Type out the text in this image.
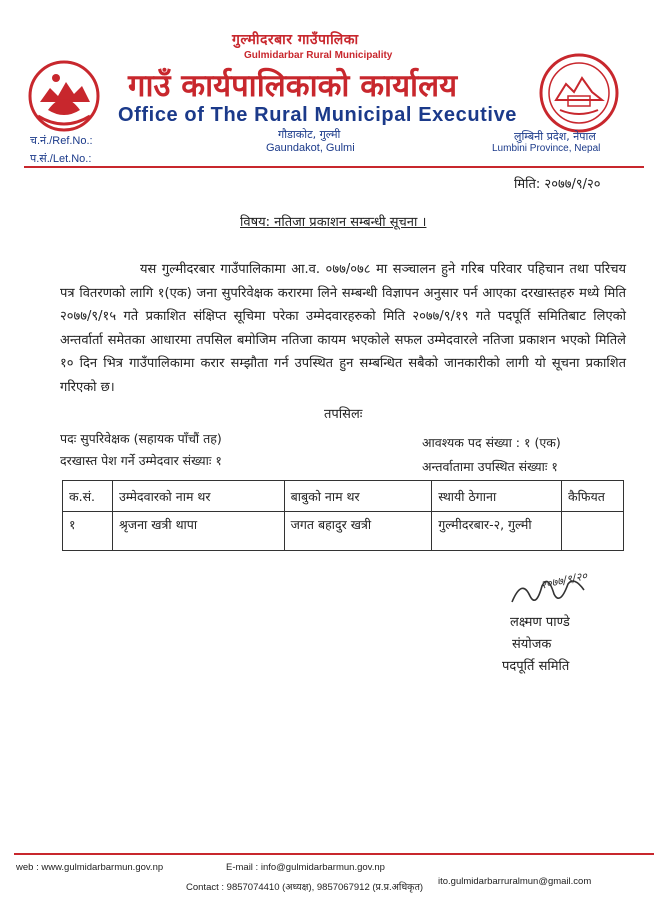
गुल्मीदरबार गाउँपालिका
Gulmidarbar Rural Municipality
गाउँ कार्यपालिकाको कार्यालय
Office of The Rural Municipal Executive
गौडाकोट, गुल्मी
Gaundakot, Gulmi
लुम्बिनी प्रदेश, नेपाल
Lumbini Province, Nepal
च.नं./Ref.No.:
प.सं./Let.No.:
मिति: २०७७/९/२०
विषय: नतिजा प्रकाशन सम्बन्धी सूचना ।
यस गुल्मीदरबार गाउँपालिकामा आ.व. ०७७/०७८ मा सञ्चालन हुने गरिब परिवार पहिचान तथा परिचय पत्र वितरणको लागि १(एक) जना सुपरिवेक्षक करारमा लिने सम्बन्धी विज्ञापन अनुसार पर्न आएका दरखास्तहरु मध्ये मिति २०७७/९/१५ गते प्रकाशित संक्षिप्त सूचिमा परेका उम्मेदवारहरुको मिति २०७७/९/१९ गते पदपूर्ति समितिबाट लिएको अन्तर्वार्ता समेतका आधारमा तपसिल बमोजिम नतिजा कायम भएकोले सफल उम्मेदवारले नतिजा प्रकाशन भएको मितिले १० दिन भित्र गाउँपालिकामा करार सम्झौता गर्न उपस्थित हुन सम्बन्धित सबैको जानकारीको लागी यो सूचना प्रकाशित गरिएको छ।
तपसिलः
पदः सुपरिवेक्षक (सहायक पाँचौं तह)	आवश्यक पद संख्या : १ (एक)
दरखास्त पेश गर्ने उम्मेदवार संख्याः १	अन्तर्वातामा उपस्थित संख्याः १
क.सं.	उम्मेदवारको नाम थर	बाबुको नाम थर	स्थायी ठेगाना	कैफियत
१	श्रृजना खत्री थापा	जगत बहादुर खत्री	गुल्मीदरबार-२, गुल्मी	
२०७७/९/२०
लक्ष्मण पाण्डे
संयोजक
पदपूर्ति समिति
web : www.gulmidarbarmun.gov.np	E-mail : info@gulmidarbarmun.gov.np
ito.gulmidarbarruralmun@gmail.com
Contact : 9857074410 (अध्यक्ष), 9857067912 (प्र.प्र.अधिकृत)
